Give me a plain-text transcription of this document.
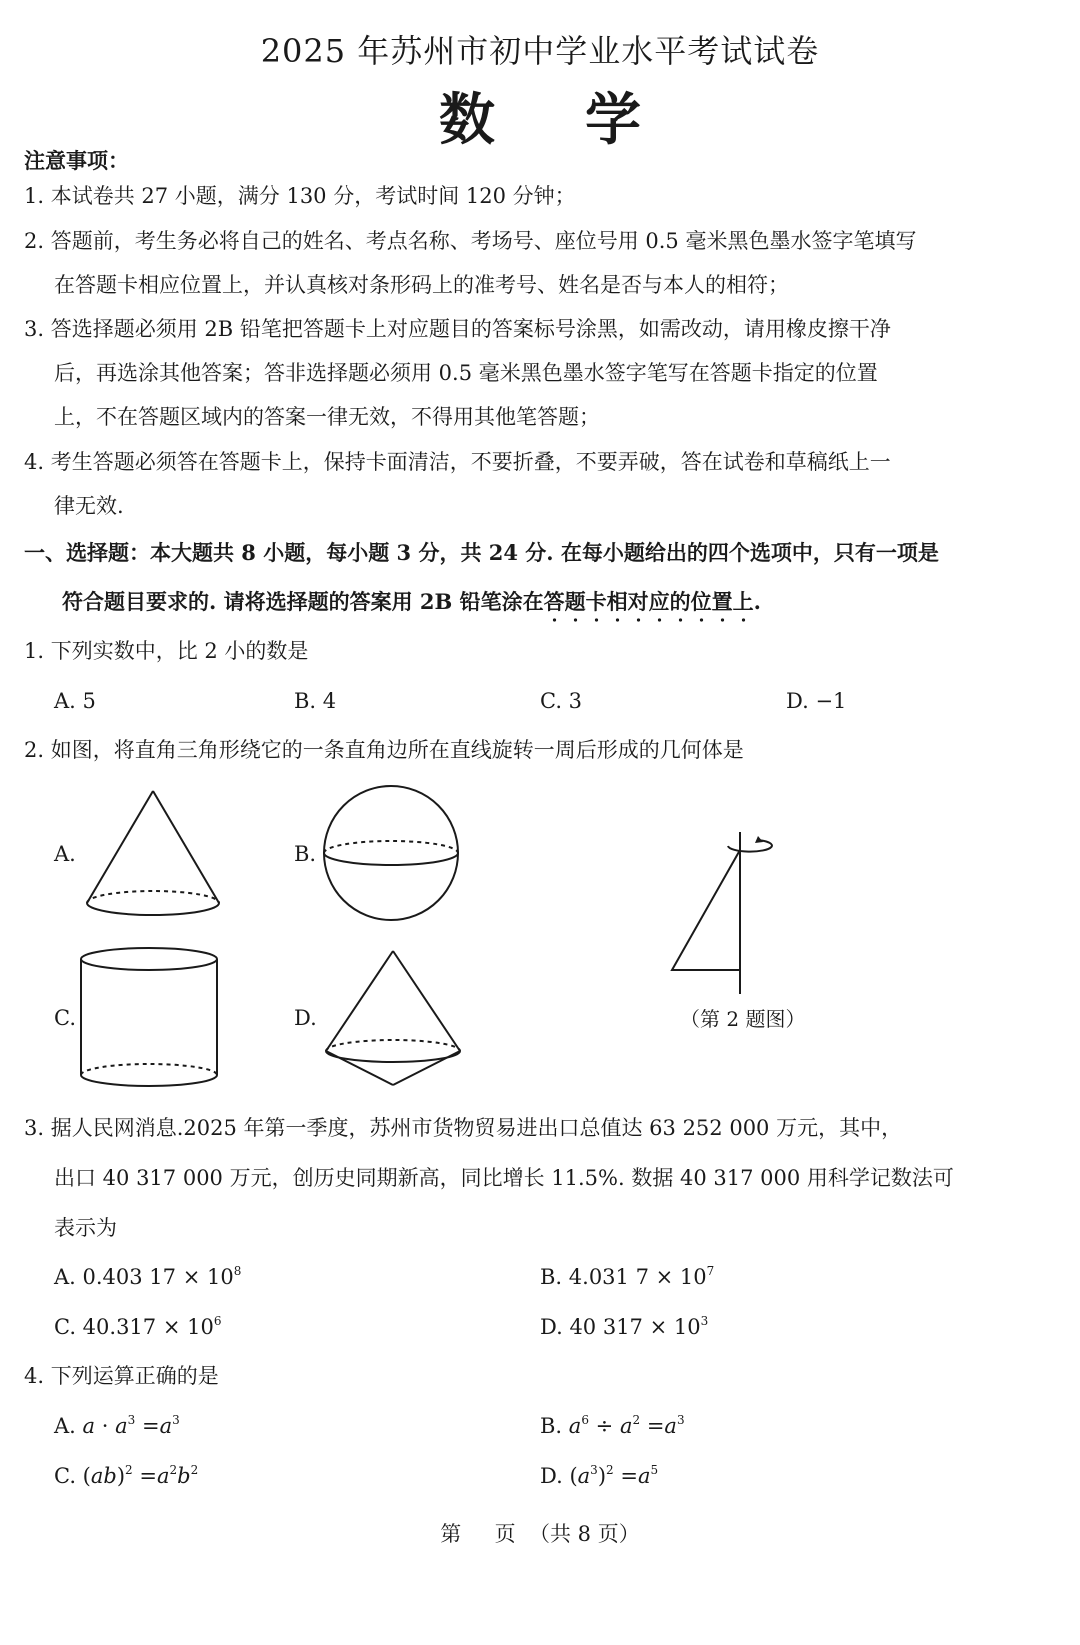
2025 年苏州市初中学业水平考试试卷
数学
注意事项：
1. 本试卷共 27 小题，满分 130 分，考试时间 120 分钟；
2. 答题前，考生务必将自己的姓名、考点名称、考场号、座位号用 0.5 毫米黑色墨水签字笔填写
在答题卡相应位置上，并认真核对条形码上的准考号、姓名是否与本人的相符；
3. 答选择题必须用 2B 铅笔把答题卡上对应题目的答案标号涂黑，如需改动，请用橡皮擦干净
后，再选涂其他答案；答非选择题必须用 0.5 毫米黑色墨水签字笔写在答题卡指定的位置
上，不在答题区域内的答案一律无效，不得用其他笔答题；
4. 考生答题必须答在答题卡上，保持卡面清洁，不要折叠，不要弄破，答在试卷和草稿纸上一
律无效.
一、选择题：本大题共 8 小题，每小题 3 分，共 24 分. 在每小题给出的四个选项中，只有一项是
符合题目要求的. 请将选择题的答案用 2B 铅笔涂在答题卡相对应的位置上.
1. 下列实数中，比 2 小的数是
A. 5	B. 4	C. 3	D. −1
2. 如图，将直角三角形绕它的一条直角边所在直线旋转一周后形成的几何体是
A.	B.
C.	D.	（第 2 题图）
3. 据人民网消息.2025 年第一季度，苏州市货物贸易进出口总值达 63 252 000 万元，其中，
出口 40 317 000 万元，创历史同期新高，同比增长 11.5%. 数据 40 317 000 用科学记数法可
表示为
A. 0.403 $17 \times 10^8$	B. 4.031 $7 \times 10^7$
C. $40.317 \times 10^6$	D. 40 $317 \times 10^3$
4. 下列运算正确的是
A. $a \cdot a^3 =a^3$	B. $a^6 \div a^2 =a^3$
C. $(ab)^2 =a^2b^2$	D. $(a^3)^2 =a^5$
第     页  （共 8 页）
